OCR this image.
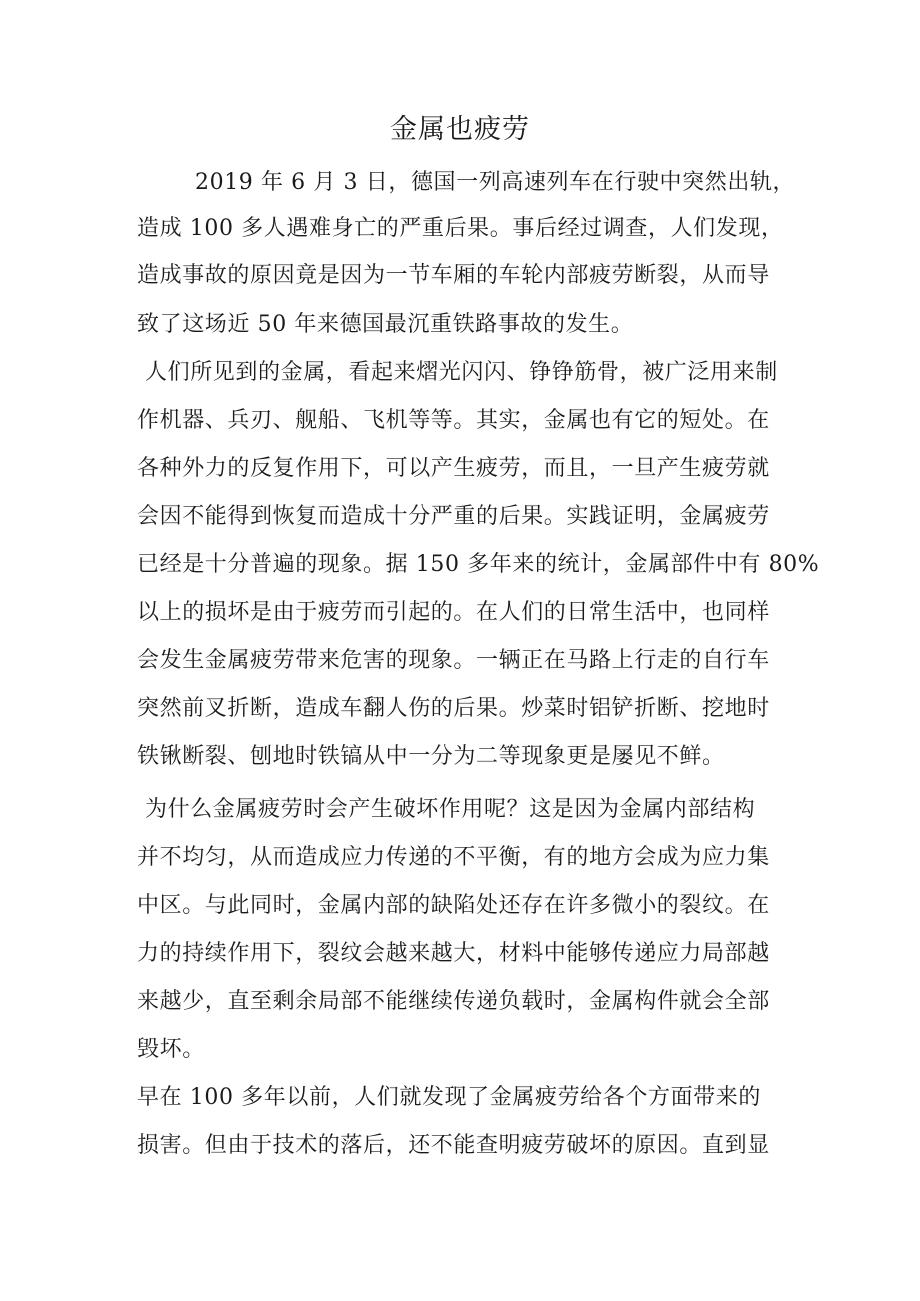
金属也疲劳
2019 年 6 月 3 日，德国一列高速列车在行驶中突然出轨，
造成 100 多人遇难身亡的严重后果。事后经过调查，人们发现，
造成事故的原因竟是因为一节车厢的车轮内部疲劳断裂，从而导
致了这场近 50 年来德国最沉重铁路事故的发生。
人们所见到的金属，看起来熠光闪闪、铮铮筋骨，被广泛用来制
作机器、兵刃、舰船、飞机等等。其实，金属也有它的短处。在
各种外力的反复作用下，可以产生疲劳，而且，一旦产生疲劳就
会因不能得到恢复而造成十分严重的后果。实践证明，金属疲劳
已经是十分普遍的现象。据 150 多年来的统计，金属部件中有 80%
以上的损坏是由于疲劳而引起的。在人们的日常生活中，也同样
会发生金属疲劳带来危害的现象。一辆正在马路上行走的自行车
突然前叉折断，造成车翻人伤的后果。炒菜时铝铲折断、挖地时
铁锹断裂、刨地时铁镐从中一分为二等现象更是屡见不鲜。
为什么金属疲劳时会产生破坏作用呢？这是因为金属内部结构
并不均匀，从而造成应力传递的不平衡，有的地方会成为应力集
中区。与此同时，金属内部的缺陷处还存在许多微小的裂纹。在
力的持续作用下，裂纹会越来越大，材料中能够传递应力局部越
来越少，直至剩余局部不能继续传递负载时，金属构件就会全部
毁坏。
早在 100 多年以前，人们就发现了金属疲劳给各个方面带来的
损害。但由于技术的落后，还不能查明疲劳破坏的原因。直到显
